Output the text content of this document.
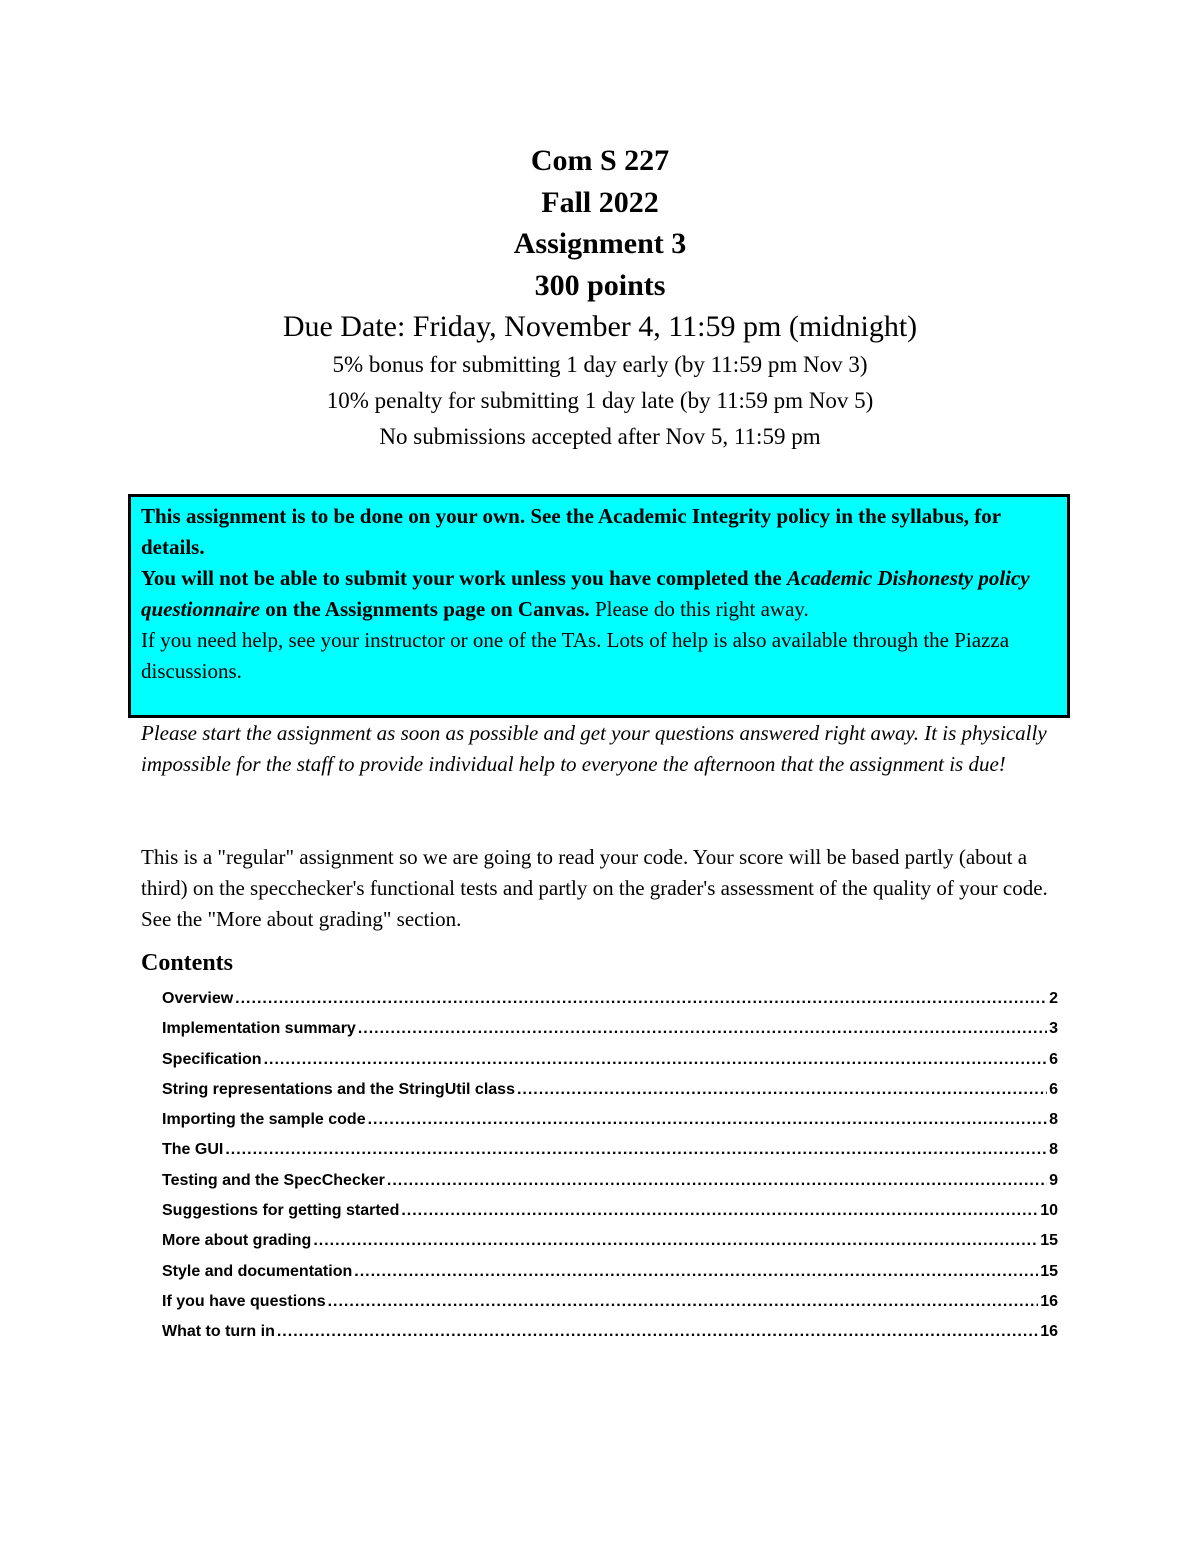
Com S 227
Fall 2022
Assignment 3
300 points
Due Date: Friday, November 4, 11:59 pm (midnight)
5% bonus for submitting 1 day early (by 11:59 pm Nov 3)
10% penalty for submitting 1 day late (by 11:59 pm Nov 5)
No submissions accepted after Nov 5, 11:59 pm

This assignment is to be done on your own. See the Academic Integrity policy in the syllabus, for details.

You will not be able to submit your work unless you have completed the Academic Dishonesty policy questionnaire on the Assignments page on Canvas. Please do this right away.

If you need help, see your instructor or one of the TAs. Lots of help is also available through the Piazza discussions.

Please start the assignment as soon as possible and get your questions answered right away. It is physically impossible for the staff to provide individual help to everyone the afternoon that the assignment is due!

This is a "regular" assignment so we are going to read your code. Your score will be based partly (about a third) on the specchecker's functional tests and partly on the grader's assessment of the quality of your code. See the "More about grading" section.

Contents
Overview .....	2
Implementation summary .....	3
Specification .....	6
String representations and the StringUtil class .....	6
Importing the sample code .....	8
The GUI .....	8
Testing and the SpecChecker .....	9
Suggestions for getting started .....	10
More about grading .....	15
Style and documentation .....	15
If you have questions .....	16
What to turn in .....	16
